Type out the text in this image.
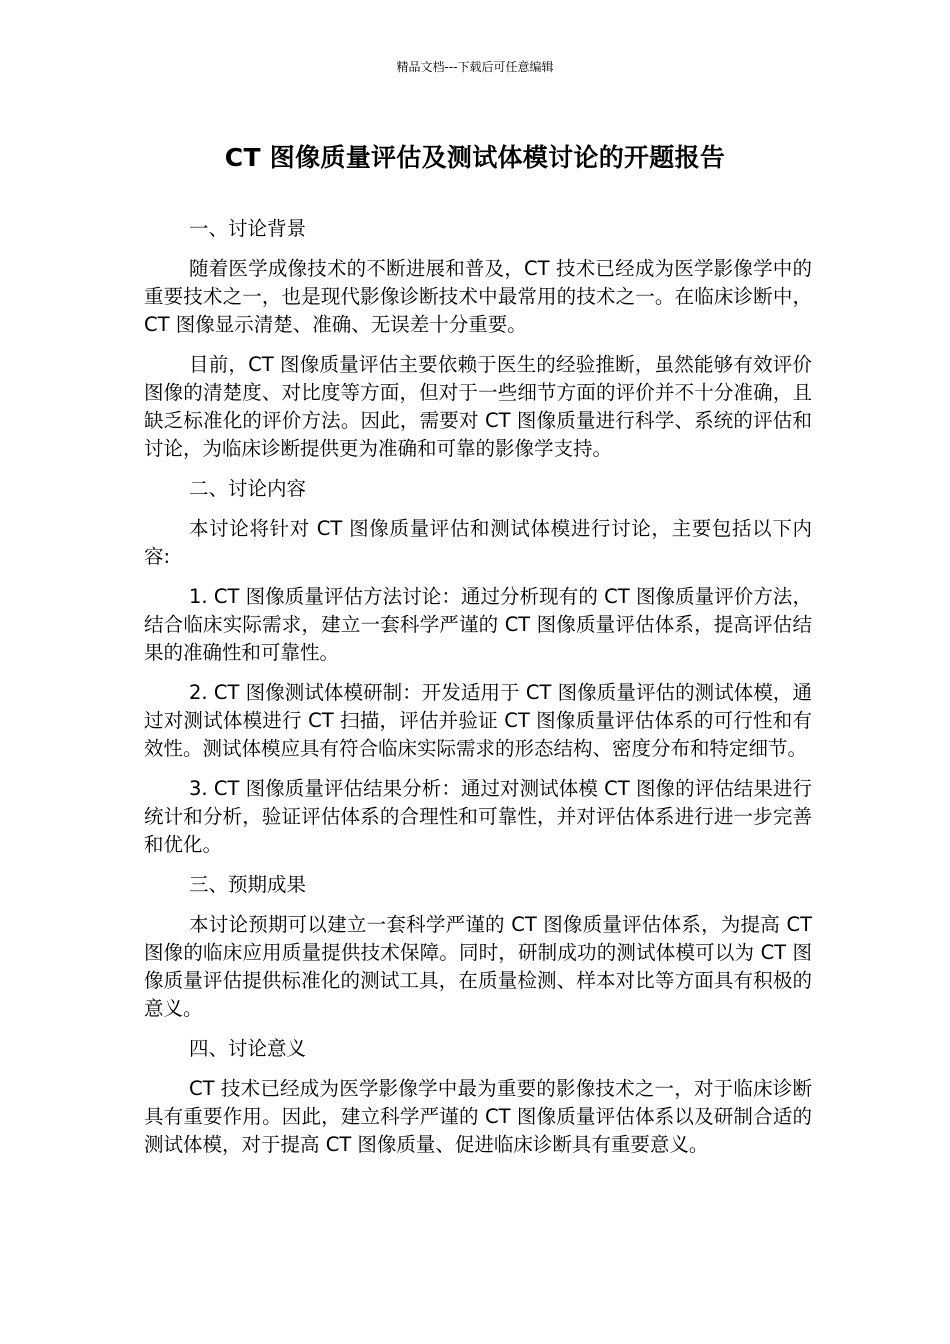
精品文档---下载后可任意编辑
CT 图像质量评估及测试体模讨论的开题报告

一、讨论背景

随着医学成像技术的不断进展和普及，CT 技术已经成为医学影像学中的重要技术之一，也是现代影像诊断技术中最常用的技术之一。在临床诊断中，CT 图像显示清楚、准确、无误差十分重要。

目前，CT 图像质量评估主要依赖于医生的经验推断，虽然能够有效评价图像的清楚度、对比度等方面，但对于一些细节方面的评价并不十分准确，且缺乏标准化的评价方法。因此，需要对 CT 图像质量进行科学、系统的评估和讨论，为临床诊断提供更为准确和可靠的影像学支持。

二、讨论内容

本讨论将针对 CT 图像质量评估和测试体模进行讨论，主要包括以下内容:

1. CT 图像质量评估方法讨论：通过分析现有的 CT 图像质量评价方法，结合临床实际需求，建立一套科学严谨的 CT 图像质量评估体系，提高评估结果的准确性和可靠性。

2. CT 图像测试体模研制：开发适用于 CT 图像质量评估的测试体模，通过对测试体模进行 CT 扫描，评估并验证 CT 图像质量评估体系的可行性和有效性。测试体模应具有符合临床实际需求的形态结构、密度分布和特定细节。

3. CT 图像质量评估结果分析：通过对测试体模 CT 图像的评估结果进行统计和分析，验证评估体系的合理性和可靠性，并对评估体系进行进一步完善和优化。

三、预期成果

本讨论预期可以建立一套科学严谨的 CT 图像质量评估体系，为提高 CT 图像的临床应用质量提供技术保障。同时，研制成功的测试体模可以为 CT 图像质量评估提供标准化的测试工具，在质量检测、样本对比等方面具有积极的意义。

四、讨论意义

CT 技术已经成为医学影像学中最为重要的影像技术之一，对于临床诊断具有重要作用。因此，建立科学严谨的 CT 图像质量评估体系以及研制合适的测试体模，对于提高 CT 图像质量、促进临床诊断具有重要意义。
